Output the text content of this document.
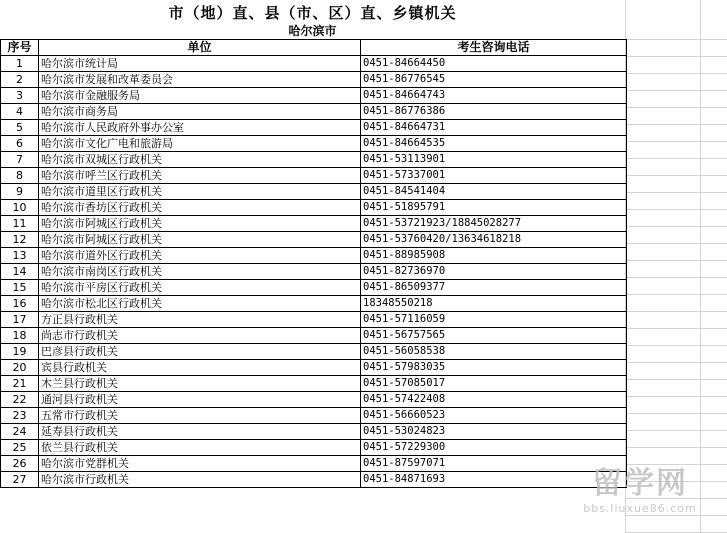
市（地）直、县（市、区）直、乡镇机关
哈尔滨市
序号	单位	考生咨询电话
1	哈尔滨市统计局	0451-84664450
2	哈尔滨市发展和改革委员会	0451-86776545
3	哈尔滨市金融服务局	0451-84664743
4	哈尔滨市商务局	0451-86776386
5	哈尔滨市人民政府外事办公室	0451-84664731
6	哈尔滨市文化广电和旅游局	0451-84664535
7	哈尔滨市双城区行政机关	0451-53113901
8	哈尔滨市呼兰区行政机关	0451-57337001
9	哈尔滨市道里区行政机关	0451-84541404
10	哈尔滨市香坊区行政机关	0451-51895791
11	哈尔滨市阿城区行政机关	0451-53721923/18845028277
12	哈尔滨市阿城区行政机关	0451-53760420/13634618218
13	哈尔滨市道外区行政机关	0451-88985908
14	哈尔滨市南岗区行政机关	0451-82736970
15	哈尔滨市平房区行政机关	0451-86509377
16	哈尔滨市松北区行政机关	18348550218
17	方正县行政机关	0451-57116059
18	尚志市行政机关	0451-56757565
19	巴彦县行政机关	0451-56058538
20	宾县行政机关	0451-57983035
21	木兰县行政机关	0451-57085017
22	通河县行政机关	0451-57422408
23	五常市行政机关	0451-56660523
24	延寿县行政机关	0451-53024823
25	依兰县行政机关	0451-57229300
26	哈尔滨市党群机关	0451-87597071
27	哈尔滨市行政机关	0451-84871693	留学网
bbs.liuxue86.com
